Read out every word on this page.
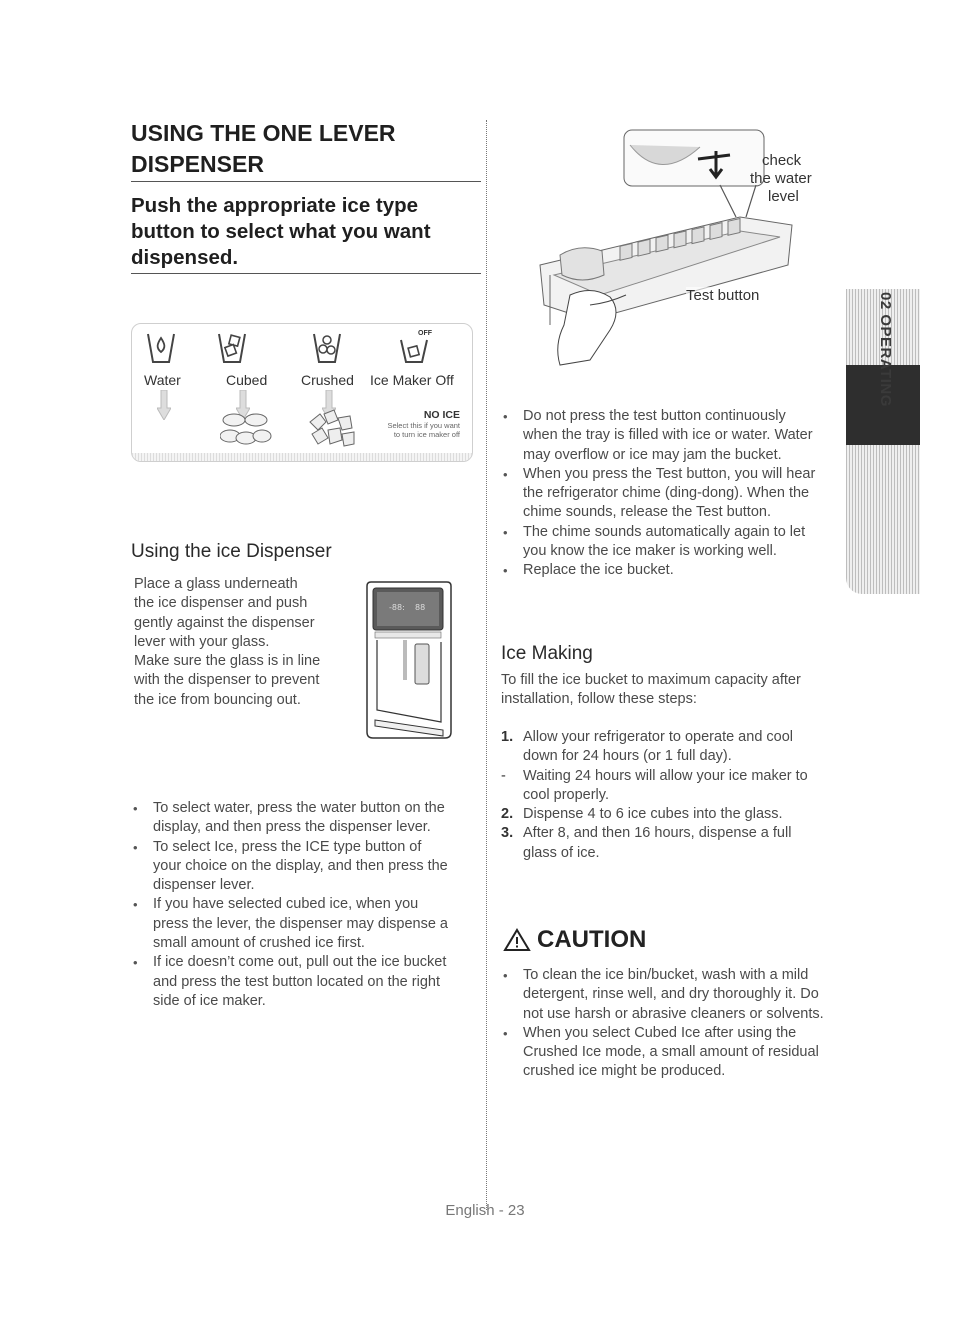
USING THE ONE LEVER
DISPENSER
Push the appropriate ice type
button to select what you want
dispensed.
Water	Cubed Crushed
OFF
Ice Maker Off
NO ICE
Select this if you want
to turn ice maker off
Using the ice Dispenser

Place a glass underneath

the ice dispenser and push

gently against the dispenser

lever with your glass.

Make sure the glass is in line

with the dispenser to prevent

the ice from bouncing out.

-88: 88
• To select water, press the water button on the
display, and then press the dispenser lever.
• To select Ice, press the ICE type button of
your choice on the display, and then press the
dispenser lever.
• If you have selected cubed ice, when you
press the lever, the dispenser may dispense a
small amount of crushed ice first.
• If ice doesn’t come out, pull out the ice bucket
and press the test button located on the right
side of ice maker.
check
the water
level
Test button
• Do not press the test button continuously
when the tray is filled with ice or water. Water
may overflow or ice may jam the bucket.
• When you press the Test button, you will hear
the refrigerator chime (ding-dong). When the
chime sounds, release the Test button.
• The chime sounds automatically again to let
you know the ice maker is working well.
• Replace the ice bucket.
Ice Making

To fill the ice bucket to maximum capacity after

installation, follow these steps:

1. Allow your refrigerator to operate and cool
down for 24 hours (or 1 full day).
- Waiting 24 hours will allow your ice maker to
cool properly.
2. Dispense 4 to 6 ice cubes into the glass.
3. After 8, and then 16 hours, dispense a full
glass of ice.
CAUTION
• To clean the ice bin/bucket, wash with a mild
detergent, rinse well, and dry thoroughly it. Do
not use harsh or abrasive cleaners or solvents.
• When you select Cubed Ice after using the
Crushed Ice mode, a small amount of residual
crushed ice might be produced.
02 OPERATING
English - 23
